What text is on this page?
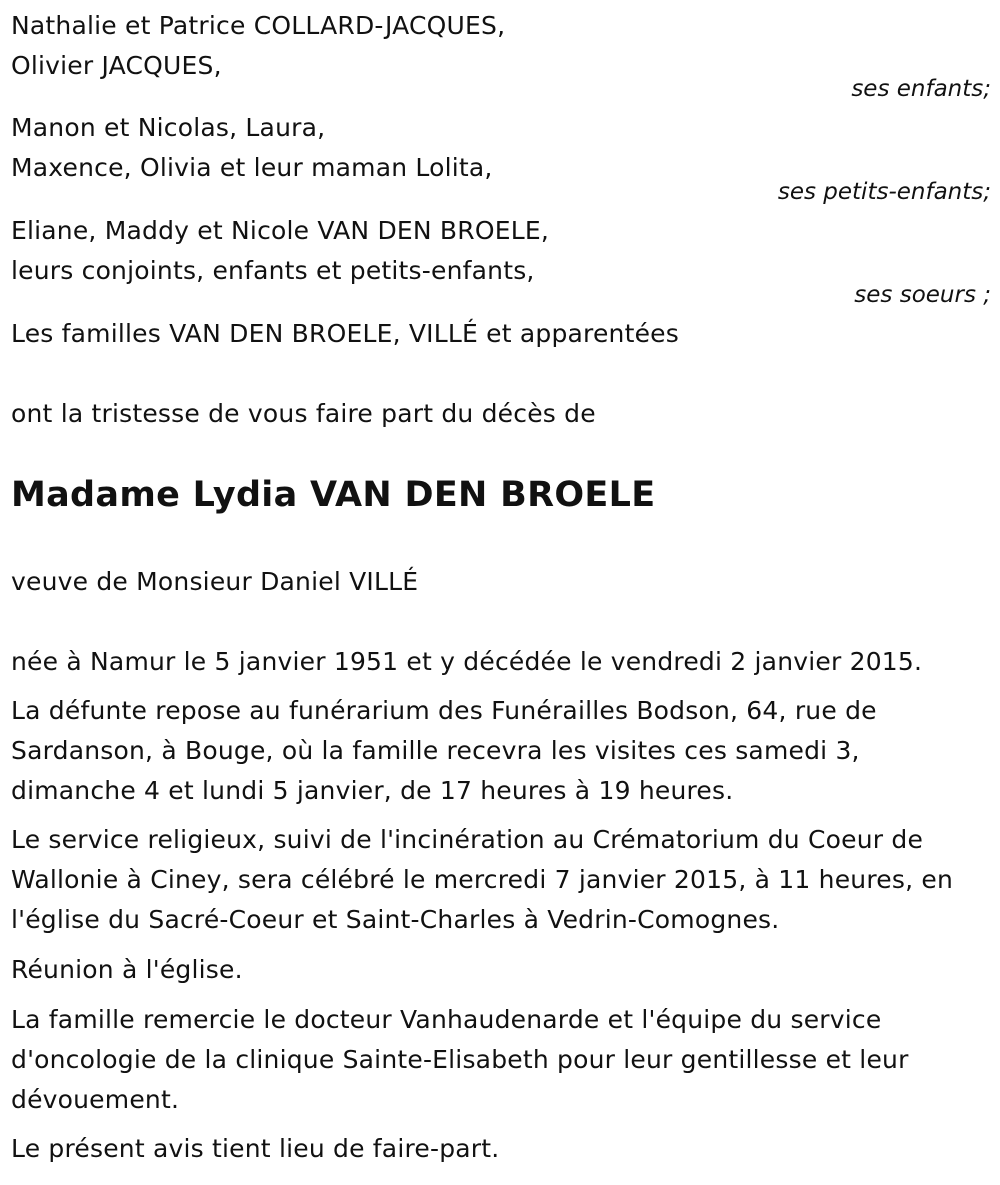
Nathalie et Patrice COLLARD-JACQUES,
Olivier JACQUES,
ses enfants;
Manon et Nicolas, Laura,
Maxence, Olivia et leur maman Lolita,
ses petits-enfants;
Eliane, Maddy et Nicole VAN DEN BROELE,
leurs conjoints, enfants et petits-enfants,
ses soeurs ;
Les familles VAN DEN BROELE, VILLÉ et apparentées
ont la tristesse de vous faire part du décès de
Madame Lydia VAN DEN BROELE
veuve de Monsieur Daniel VILLÉ
née à Namur le 5 janvier 1951 et y décédée le vendredi 2 janvier 2015.
La défunte repose au funérarium des Funérailles Bodson, 64, rue de Sardanson, à Bouge, où la famille recevra les visites ces samedi 3, dimanche 4 et lundi 5 janvier, de 17 heures à 19 heures.
Le service religieux, suivi de l'incinération au Crématorium du Coeur de Wallonie à Ciney, sera célébré le mercredi 7 janvier 2015, à 11 heures, en l'église du Sacré-Coeur et Saint-Charles à Vedrin-Comognes.
Réunion à l'église.
La famille remercie le docteur Vanhaudenarde et l'équipe du service d'oncologie de la clinique Sainte-Elisabeth pour leur gentillesse et leur dévouement.
Le présent avis tient lieu de faire-part.
